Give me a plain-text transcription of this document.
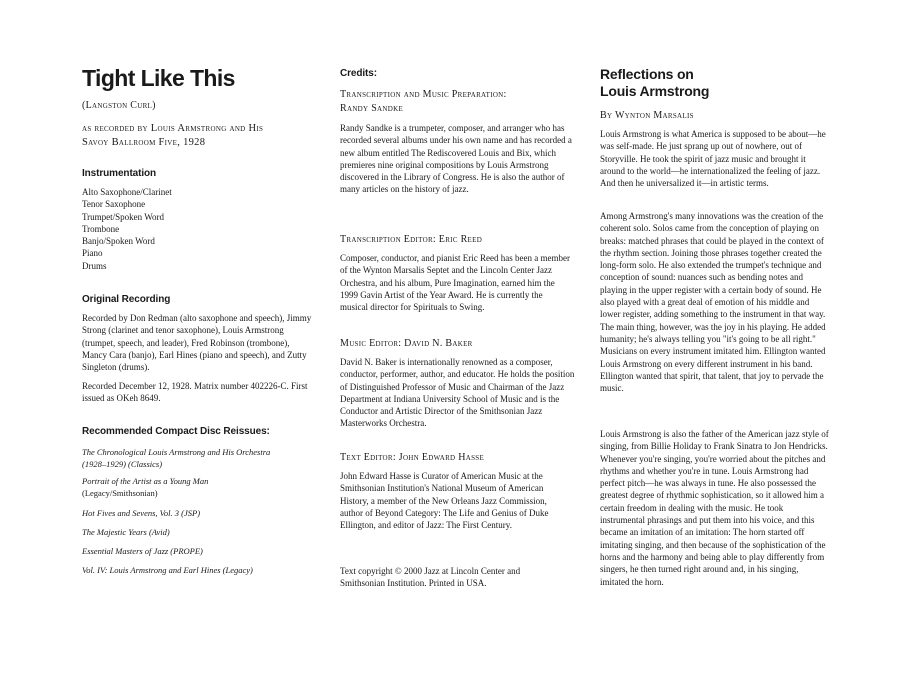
Tight Like This
(Langston Curl)
as recorded by Louis Armstrong and His
Savoy Ballroom Five, 1928
Instrumentation
Alto Saxophone/Clarinet
Tenor Saxophone
Trumpet/Spoken Word
Trombone
Banjo/Spoken Word
Piano
Drums
Original Recording

Recorded by Don Redman (alto saxophone and speech), Jimmy Strong (clarinet and tenor saxophone), Louis Armstrong (trumpet, speech, and leader), Fred Robinson (trombone), Mancy Cara (banjo), Earl Hines (piano and speech), and Zutty Singleton (drums).

Recorded December 12, 1928. Matrix number 402226-C. First issued as OKeh 8649.

Recommended Compact Disc Reissues:

The Chronological Louis Armstrong and His Orchestra (1928–1929) (Classics)

Portrait of the Artist as a Young Man
(Legacy/Smithsonian)

Hot Fives and Sevens, Vol. 3 (JSP)

The Majestic Years (Avid)

Essential Masters of Jazz (PROPE)

Vol. IV: Louis Armstrong and Earl Hines (Legacy)

Credits:
Transcription and Music Preparation:
Randy Sandke

Randy Sandke is a trumpeter, composer, and arranger who has recorded several albums under his own name and has recorded a new album entitled The Rediscovered Louis and Bix, which premieres nine original compositions by Louis Armstrong discovered in the Library of Congress. He is also the author of many articles on the history of jazz.

Transcription Editor: Eric Reed

Composer, conductor, and pianist Eric Reed has been a member of the Wynton Marsalis Septet and the Lincoln Center Jazz Orchestra, and his album, Pure Imagination, earned him the 1999 Gavin Artist of the Year Award. He is currently the musical director for Spirituals to Swing.

Music Editor: David N. Baker

David N. Baker is internationally renowned as a composer, conductor, performer, author, and educator. He holds the position of Distinguished Professor of Music and Chairman of the Jazz Department at Indiana University School of Music and is the Conductor and Artistic Director of the Smithsonian Jazz Masterworks Orchestra.

Text Editor: John Edward Hasse

John Edward Hasse is Curator of American Music at the Smithsonian Institution's National Museum of American History, a member of the New Orleans Jazz Commission, author of Beyond Category: The Life and Genius of Duke Ellington, and editor of Jazz: The First Century.

Text copyright © 2000 Jazz at Lincoln Center and Smithsonian Institution. Printed in USA.

Reflections on
Louis Armstrong
By Wynton Marsalis

Louis Armstrong is what America is supposed to be about—he was self-made. He just sprang up out of nowhere, out of Storyville. He took the spirit of jazz music and brought it around to the world—he internationalized the feeling of jazz. And then he universalized it—in artistic terms.

Among Armstrong's many innovations was the creation of the coherent solo. Solos came from the conception of playing on breaks: matched phrases that could be played in the context of the rhythm section. Joining those phrases together created the long-form solo. He also extended the trumpet's technique and conception of sound: nuances such as bending notes and playing in the upper register with a certain body of sound. He also played with a great deal of emotion of his middle and lower register, adding something to the instrument in that way. The main thing, however, was the joy in his playing. He added humanity; he's always telling you "it's going to be all right." Musicians on every instrument imitated him. Ellington wanted Louis Armstrong on every different instrument in his band. Ellington wanted that spirit, that talent, that joy to pervade the music.

Louis Armstrong is also the father of the American jazz style of singing, from Billie Holiday to Frank Sinatra to Jon Hendricks. Whenever you're singing, you're worried about the pitches and rhythms and whether you're in tune. Louis Armstrong had perfect pitch—he was always in tune. He also possessed the greatest degree of rhythmic sophistication, so it allowed him a certain freedom in dealing with the music. He took instrumental phrasings and put them into his voice, and this became an imitation of an imitation: The horn started off imitating singing, and then because of the sophistication of the horns and the harmony and being able to play differently from singers, he then turned right around and, in his singing, imitated the horn.
